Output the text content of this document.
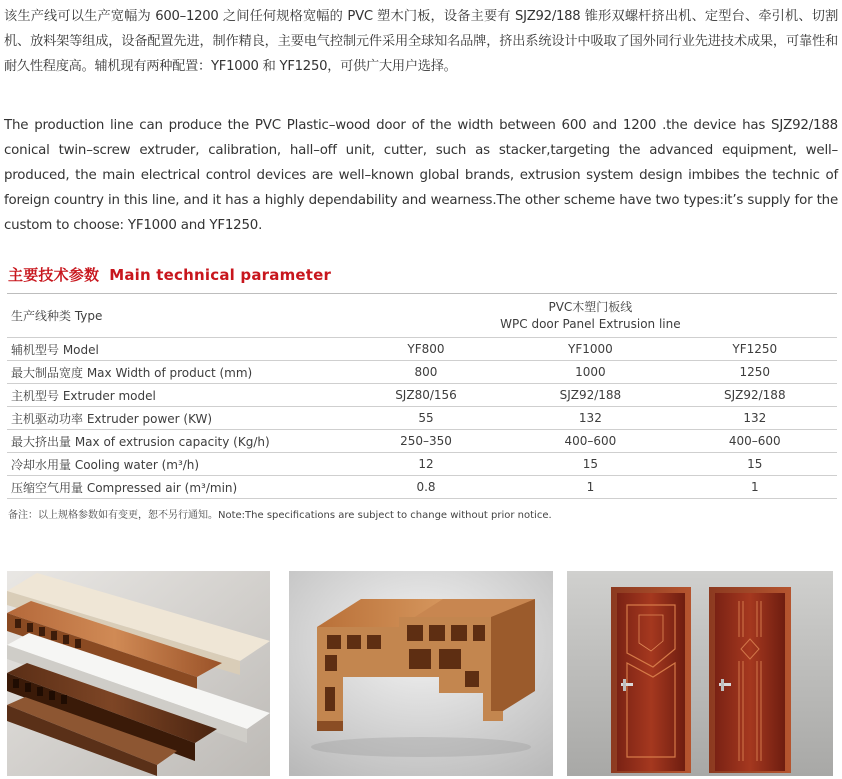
该生产线可以生产宽幅为 600–1200 之间任何规格宽幅的 PVC 塑木门板，设备主要有 SJZ92/188 锥形双螺杆挤出机、定型台、牵引机、切割机、放料架等组成，设备配置先进，制作精良，主要电气控制元件采用全球知名品牌，挤出系统设计中吸取了国外同行业先进技术成果，可靠性和耐久性程度高。辅机现有两种配置：YF1000 和 YF1250，可供广大用户选择。
The production line can produce the PVC Plastic–wood door of the width between 600 and 1200 .the device has SJZ92/188 conical twin–screw extruder, calibration, hall–off unit, cutter, such as stacker,targeting the advanced equipment, well–produced, the main electrical control devices are well–known global brands, extrusion system design imbibes the technic of foreign country in this line, and it has a highly dependability and wearness.The other scheme have two types:it’s supply for the custom to choose: YF1000 and YF1250.
主要技术参数 Main technical parameter
生产线种类 Type	PVC木塑门板线
WPC door Panel Extrusion line		

辅机型号 Model	YF800	YF1000	YF1250
最大制品宽度 Max Width of product (mm)	800	1000	1250
主机型号 Extruder model	SJZ80/156	SJZ92/188	SJZ92/188
主机驱动功率 Extruder power (KW)	55	132	132
最大挤出量 Max of extrusion capacity (Kg/h)	250–350	400–600	400–600
冷却水用量 Cooling water (m³/h)	12	15	15
压缩空气用量 Compressed air (m³/min)	0.8	1	1
备注：以上规格参数如有变更，恕不另行通知。Note:The specifications are subject to change without prior notice.
